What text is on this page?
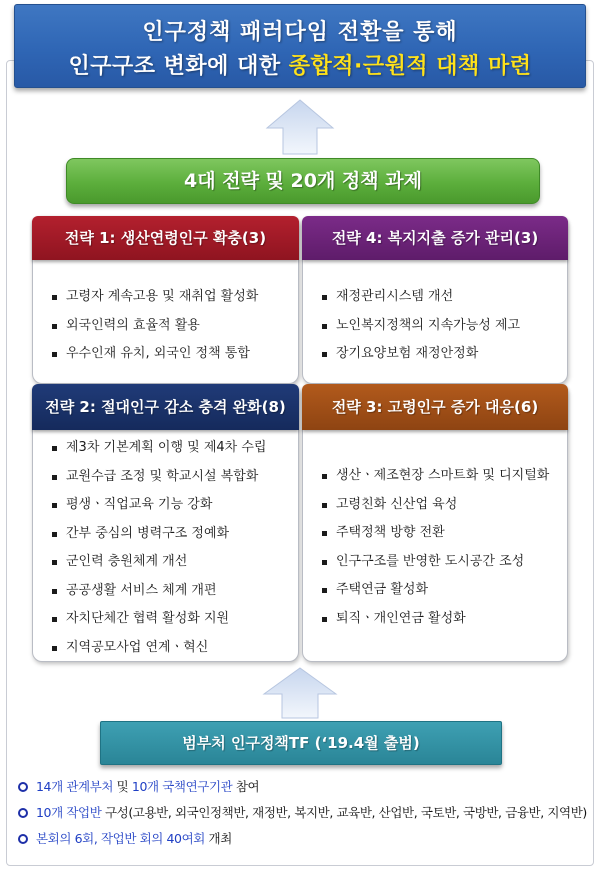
인구정책 패러다임 전환을 통해
인구구조 변화에 대한 종합적·근원적 대책 마련
4대 전략 및 20개 정책 과제
전략 1: 생산연령인구 확충(3)
고령자 계속고용 및 재취업 활성화
외국인력의 효율적 활용
우수인재 유치, 외국인 정책 통합
전략 4: 복지지출 증가 관리(3)
재정관리시스템 개선
노인복지정책의 지속가능성 제고
장기요양보험 재정안정화
전략 2: 절대인구 감소 충격 완화(8)
제3차 기본계획 이행 및 제4차 수립
교원수급 조정 및 학교시설 복합화
평생ㆍ직업교육 기능 강화
간부 중심의 병력구조 정예화
군인력 충원체계 개선
공공생활 서비스 체계 개편
자치단체간 협력 활성화 지원
지역공모사업 연계ㆍ혁신
전략 3: 고령인구 증가 대응(6)
생산ㆍ제조현장 스마트화 및 디지털화
고령친화 신산업 육성
주택정책 방향 전환
인구구조를 반영한 도시공간 조성
주택연금 활성화
퇴직ㆍ개인연금 활성화
범부처 인구정책TF (‘19.4월 출범)
14개 관계부처 및 10개 국책연구기관 참여
10개 작업반 구성(고용반, 외국인정책반, 재정반, 복지반, 교육반, 산업반, 국토반, 국방반, 금융반, 지역반)
본회의 6회, 작업반 회의 40여회 개최
